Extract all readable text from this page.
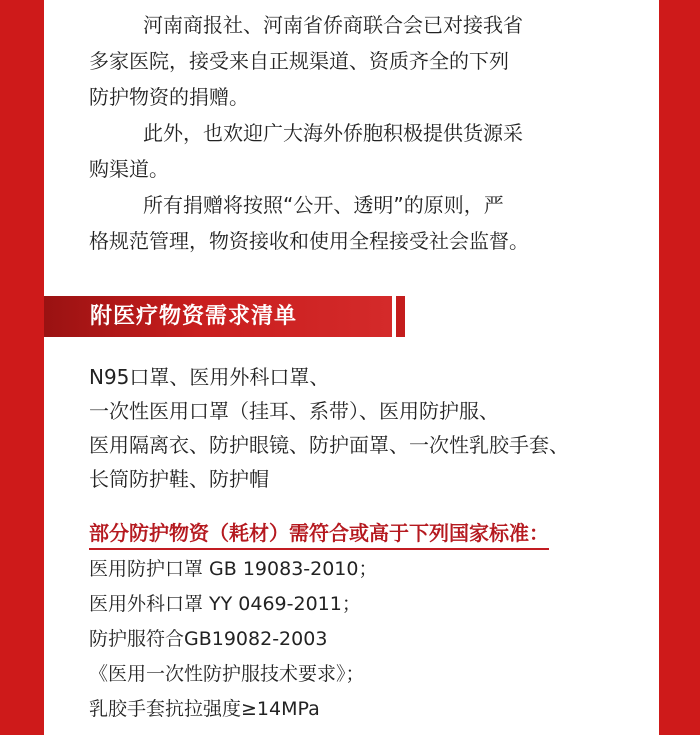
河南商报社、河南省侨商联合会已对接我省

多家医院，接受来自正规渠道、资质齐全的下列

防护物资的捐赠。

此外，也欢迎广大海外侨胞积极提供货源采

购渠道。

所有捐赠将按照“公开、透明”的原则，严

格规范管理，物资接收和使用全程接受社会监督。

附医疗物资需求清单
N95口罩、医用外科口罩、
一次性医用口罩（挂耳、系带）、医用防护服、
医用隔离衣、防护眼镜、防护面罩、一次性乳胶手套、
长筒防护鞋、防护帽
部分防护物资（耗材）需符合或高于下列国家标准：
医用防护口罩 GB 19083-2010；
医用外科口罩 YY 0469-2011；
防护服符合GB19082-2003
《医用一次性防护服技术要求》；
乳胶手套抗拉强度≥14MPa
